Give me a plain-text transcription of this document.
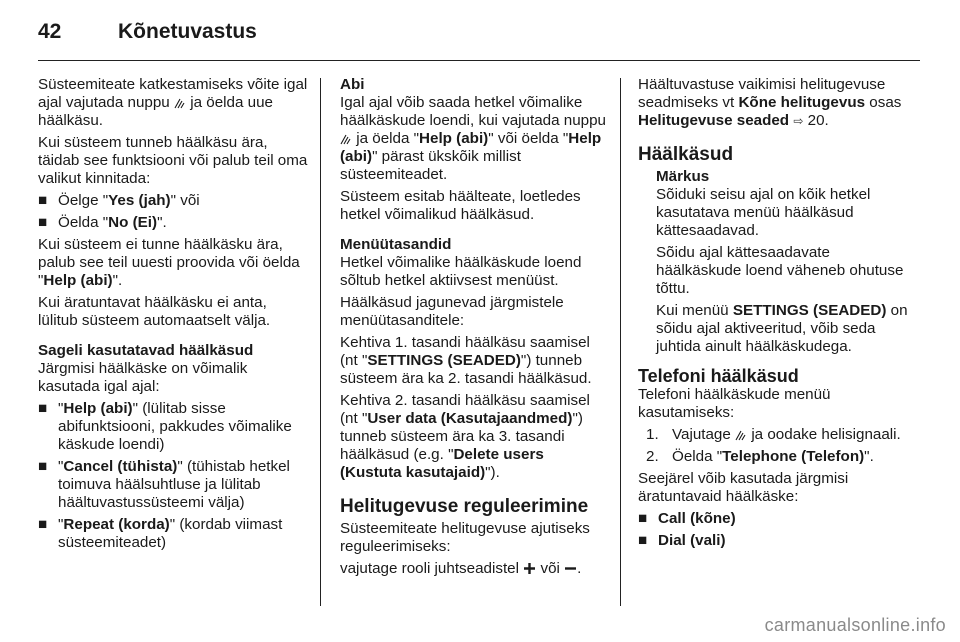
42	Kõnetuvastus

Süsteemiteate katkestamiseks võite igal ajal vajutada nuppu ja öelda uue häälkäsu.

Kui süsteem tunneb häälkäsu ära, täidab see funktsiooni või palub teil oma valikut kinnitada:

■ Öelge "Yes (jah)" või
■ Öelda "No (Ei)".

Kui süsteem ei tunne häälkäsku ära, palub see teil uuesti proovida või öelda "Help (abi)".

Kui äratuntavat häälkäsku ei anta, lülitub süsteem automaatselt välja.

Sageli kasutatavad häälkäsud

Järgmisi häälkäske on võimalik kasutada igal ajal:

■ "Help (abi)" (lülitab sisse abifunktsiooni, pakkudes võimalike käskude loendi)
■ "Cancel (tühista)" (tühistab hetkel toimuva häälsuhtluse ja lülitab häältuvastussüsteemi välja)
■ "Repeat (korda)" (kordab viimast süsteemiteadet)
Abi

Igal ajal võib saada hetkel võimalike häälkäskude loendi, kui vajutada nuppu  ja öelda "Help (abi)" või öelda "Help (abi)" pärast ükskõik millist süsteemiteadet.

Süsteem esitab häälteate, loetledes hetkel võimalikud häälkäsud.

Menüütasandid

Hetkel võimalike häälkäskude loend sõltub hetkel aktiivsest menüüst.

Häälkäsud jagunevad järgmistele menüütasanditele:

Kehtiva 1. tasandi häälkäsu saamisel (nt "SETTINGS (SEADED)") tunneb süsteem ära ka 2. tasandi häälkäsud.

Kehtiva 2. tasandi häälkäsu saamisel (nt "User data (Kasutajaandmed)") tunneb süsteem ära ka 3. tasandi häälkäsud (e.g. "Delete users (Kustuta kasutajaid)").

Helitugevuse reguleerimine

Süsteemiteate helitugevuse ajutiseks reguleerimiseks:

vajutage rooli juhtseadistel või .

Häältuvastuse vaikimisi helitugevuse seadmiseks vt Kõne helitugevus osas Helitugevuse seaded ⇨ 20.

Häälkäsud
Märkus

Sõiduki seisu ajal on kõik hetkel kasutatava menüü häälkäsud kättesaadavad.

Sõidu ajal kättesaadavate häälkäskude loend väheneb ohutuse tõttu.

Kui menüü SETTINGS (SEADED) on sõidu ajal aktiveeritud, võib seda juhtida ainult häälkäskudega.

Telefoni häälkäsud

Telefoni häälkäskude menüü kasutamiseks:

1. Vajutage ja oodake helisignaali.
2. Öelda "Telephone (Telefon)".

Seejärel võib kasutada järgmisi äratuntavaid häälkäske:

■ Call (kõne)
■ Dial (vali)
carmanualsonline.info
